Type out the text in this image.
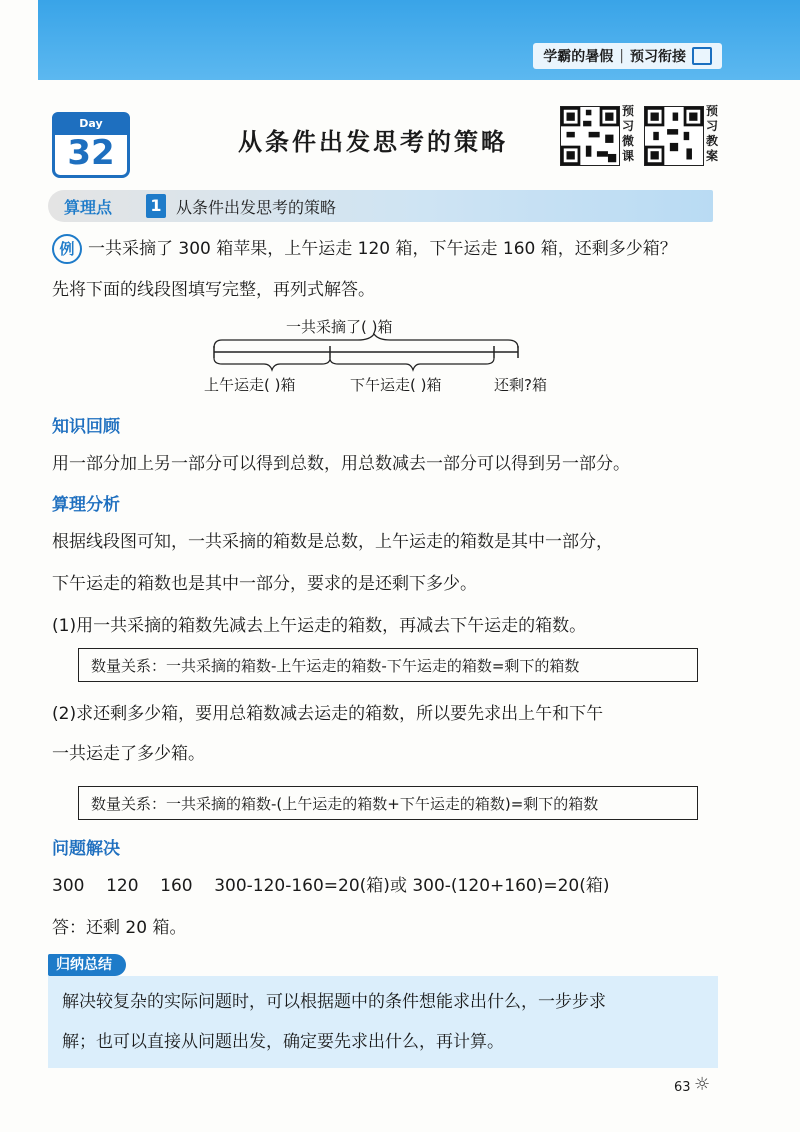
学霸的暑假 | 预习衔接
Day
32	从条件出发思考的策略
预习微课
预习教案
算理点 1 从条件出发思考的策略
例 一共采摘了 300 箱苹果，上午运走 120 箱，下午运走 160 箱，还剩多少箱？
先将下面的线段图填写完整，再列式解答。
一共采摘了( )箱
上午运走( )箱	下午运走( )箱	还剩?箱
知识回顾
用一部分加上另一部分可以得到总数，用总数减去一部分可以得到另一部分。
算理分析
根据线段图可知，一共采摘的箱数是总数，上午运走的箱数是其中一部分，
下午运走的箱数也是其中一部分，要求的是还剩下多少。
(1)用一共采摘的箱数先减去上午运走的箱数，再减去下午运走的箱数。
数量关系：一共采摘的箱数-上午运走的箱数-下午运走的箱数=剩下的箱数
(2)求还剩多少箱，要用总箱数减去运走的箱数，所以要先求出上午和下午
一共运走了多少箱。
数量关系：一共采摘的箱数-(上午运走的箱数+下午运走的箱数)=剩下的箱数
问题解决
300    120    160    300-120-160=20(箱)或 300-(120+160)=20(箱)
答：还剩 20 箱。
归纳总结
解决较复杂的实际问题时，可以根据题中的条件想能求出什么，一步步求
解；也可以直接从问题出发，确定要先求出什么，再计算。
63 ☼
